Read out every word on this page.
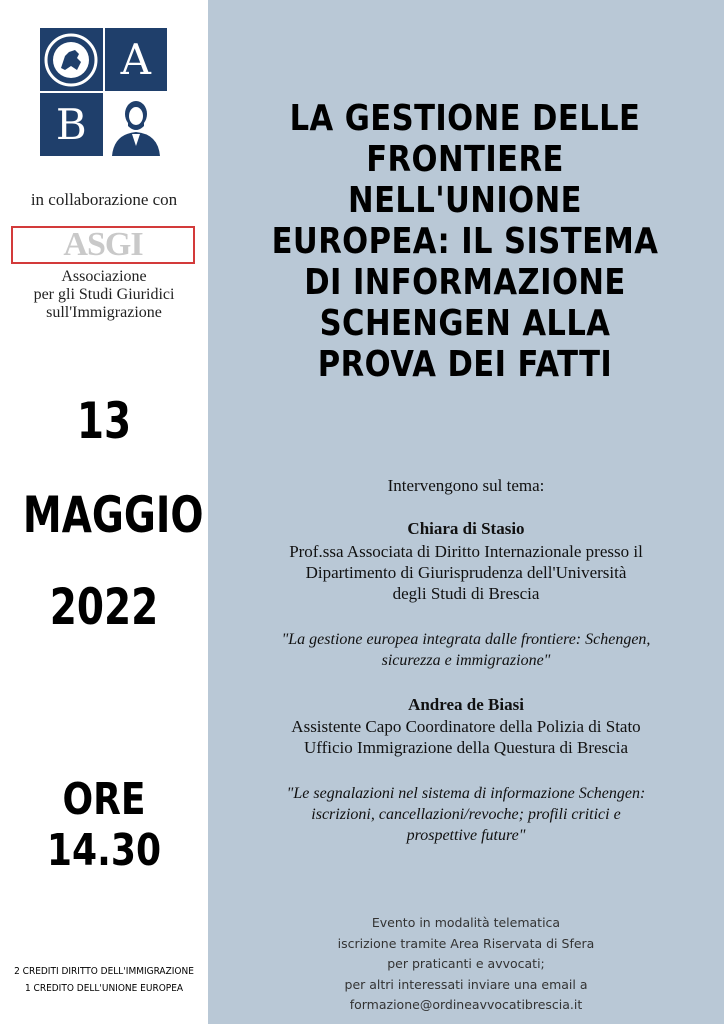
A
B
in collaborazione con
ASGI
Associazione
per gli Studi Giuridici
sull'Immigrazione
13
MAGGIO
2022
ORE 14.30
2 CREDITI DIRITTO DELL'IMMIGRAZIONE
1 CREDITO DELL'UNIONE EUROPEA
LA GESTIONE DELLE
FRONTIERE
NELL'UNIONE
EUROPEA: IL SISTEMA
DI INFORMAZIONE
SCHENGEN ALLA
PROVA DEI FATTI
Intervengono sul tema:
Chiara di Stasio
Prof.ssa Associata di Diritto Internazionale presso il
Dipartimento di Giurisprudenza dell'Università
degli Studi di Brescia
"La gestione europea integrata dalle frontiere: Schengen,
sicurezza e immigrazione"
Andrea de Biasi
Assistente Capo Coordinatore della Polizia di Stato
Ufficio Immigrazione della Questura di Brescia
"Le segnalazioni nel sistema di informazione Schengen:
iscrizioni, cancellazioni/revoche; profili critici e
prospettive future"
Evento in modalità telematica
iscrizione tramite Area Riservata di Sfera
per praticanti e avvocati;
per altri interessati inviare una email a
formazione@ordineavvocatibrescia.it
